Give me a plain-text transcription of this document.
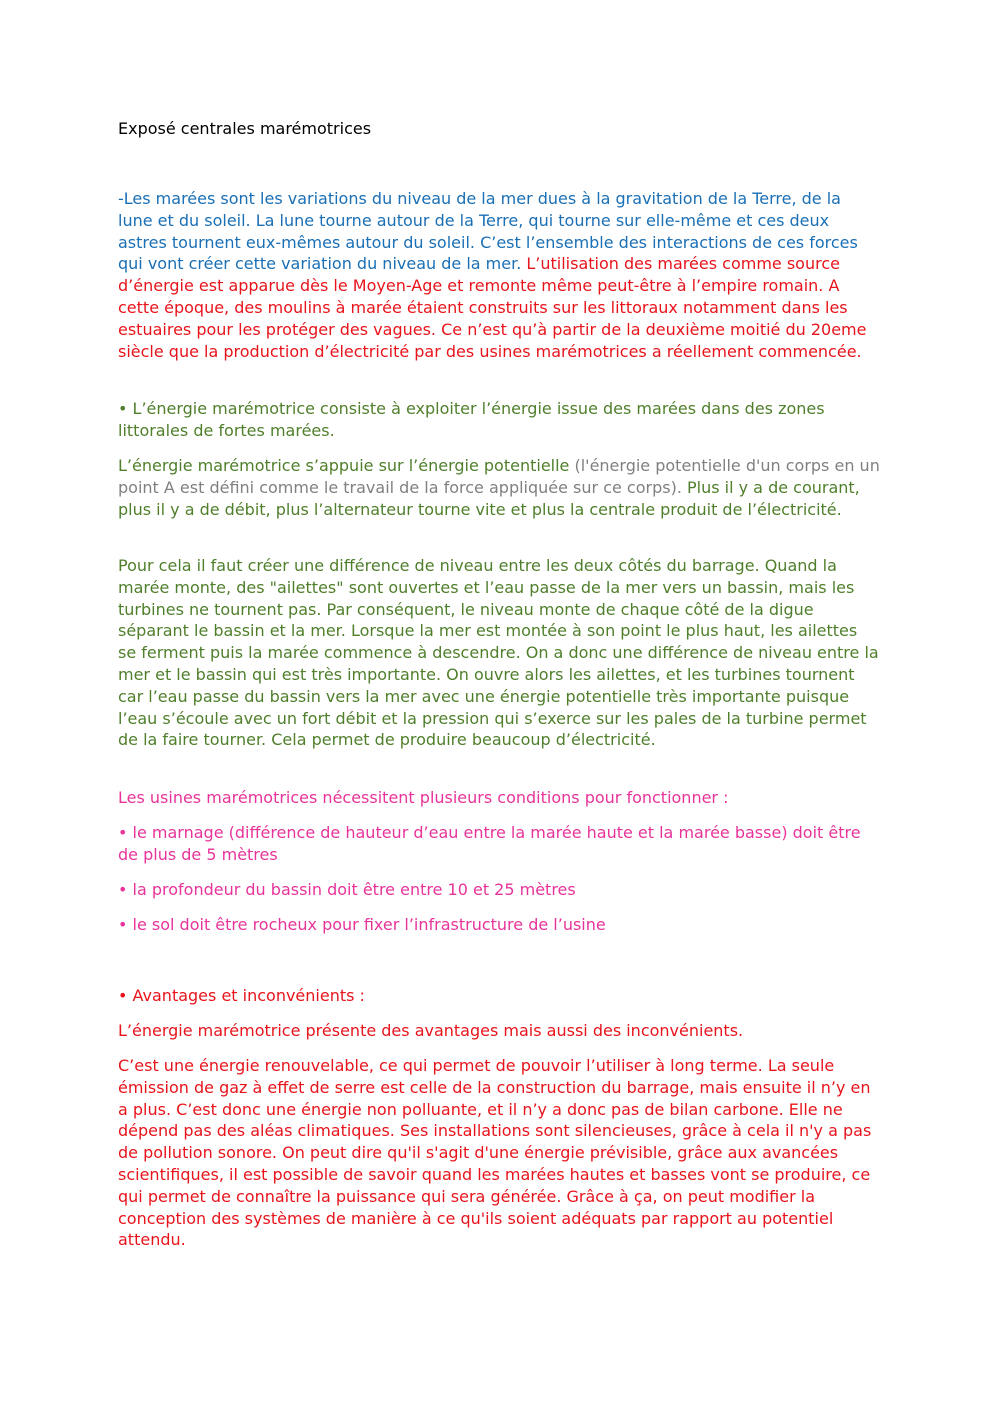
Exposé centrales marémotrices

-Les marées sont les variations du niveau de la mer dues à la gravitation de la Terre, de la lune et du soleil. La lune tourne autour de la Terre, qui tourne sur elle-même et ces deux astres tournent eux-mêmes autour du soleil. C’est l’ensemble des interactions de ces forces qui vont créer cette variation du niveau de la mer. L’utilisation des marées comme source d’énergie est apparue dès le Moyen-Age et remonte même peut-être à l’empire romain. A cette époque, des moulins à marée étaient construits sur les littoraux notamment dans les estuaires pour les protéger des vagues. Ce n’est qu’à partir de la deuxième moitié du 20eme siècle que la production d’électricité par des usines marémotrices a réellement commencée.

• L’énergie marémotrice consiste à exploiter l’énergie issue des marées dans des zones littorales de fortes marées.

L’énergie marémotrice s’appuie sur l’énergie potentielle (l'énergie potentielle d'un corps en un point A est défini comme le travail de la force appliquée sur ce corps). Plus il y a de courant, plus il y a de débit, plus l’alternateur tourne vite et plus la centrale produit de l’électricité.

Pour cela il faut créer une différence de niveau entre les deux côtés du barrage. Quand la marée monte, des "ailettes" sont ouvertes et l’eau passe de la mer vers un bassin, mais les turbines ne tournent pas. Par conséquent, le niveau monte de chaque côté de la digue séparant le bassin et la mer. Lorsque la mer est montée à son point le plus haut, les ailettes se ferment puis la marée commence à descendre. On a donc une différence de niveau entre la mer et le bassin qui est très importante. On ouvre alors les ailettes, et les turbines tournent car l’eau passe du bassin vers la mer avec une énergie potentielle très importante puisque l’eau s’écoule avec un fort débit et la pression qui s’exerce sur les pales de la turbine permet de la faire tourner. Cela permet de produire beaucoup d’électricité.

Les usines marémotrices nécessitent plusieurs conditions pour fonctionner :

• le marnage (différence de hauteur d’eau entre la marée haute et la marée basse) doit être de plus de 5 mètres

• la profondeur du bassin doit être entre 10 et 25 mètres

• le sol doit être rocheux pour fixer l’infrastructure de l’usine

• Avantages et inconvénients :

L’énergie marémotrice présente des avantages mais aussi des inconvénients.

C’est une énergie renouvelable, ce qui permet de pouvoir l’utiliser à long terme. La seule émission de gaz à effet de serre est celle de la construction du barrage, mais ensuite il n’y en a plus. C’est donc une énergie non polluante, et il n’y a donc pas de bilan carbone. Elle ne dépend pas des aléas climatiques. Ses installations sont silencieuses, grâce à cela il n'y a pas de pollution sonore. On peut dire qu'il s'agit d'une énergie prévisible, grâce aux avancées scientifiques, il est possible de savoir quand les marées hautes et basses vont se produire, ce qui permet de connaître la puissance qui sera générée. Grâce à ça, on peut modifier la conception des systèmes de manière à ce qu'ils soient adéquats par rapport au potentiel attendu.
